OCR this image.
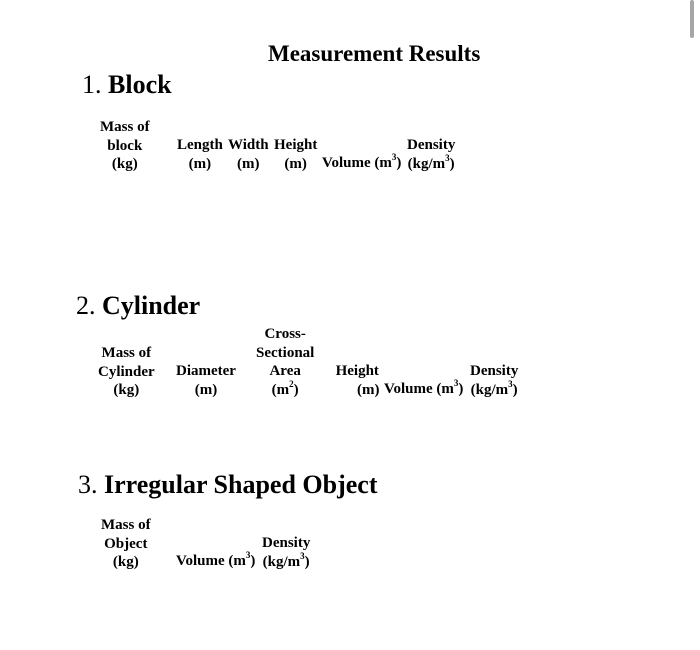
Measurement Results
1. Block
Mass of
block
(kg)
Length
(m)
Width
(m)
Height
(m)	Volume $(m^3)$
Density
$(kg/m^3)$
2. Cylinder
Mass of
Cylinder
(kg)
Diameter
(m)
Cross-
Sectional
Area
$(m^2)$
Height
(m) Volume $(m^3)$
Density
$(kg/m^3)$
3. Irregular Shaped Object
Mass of
Object
(kg)	Volume $(m^3)$
Density
$(kg/m^3)$
